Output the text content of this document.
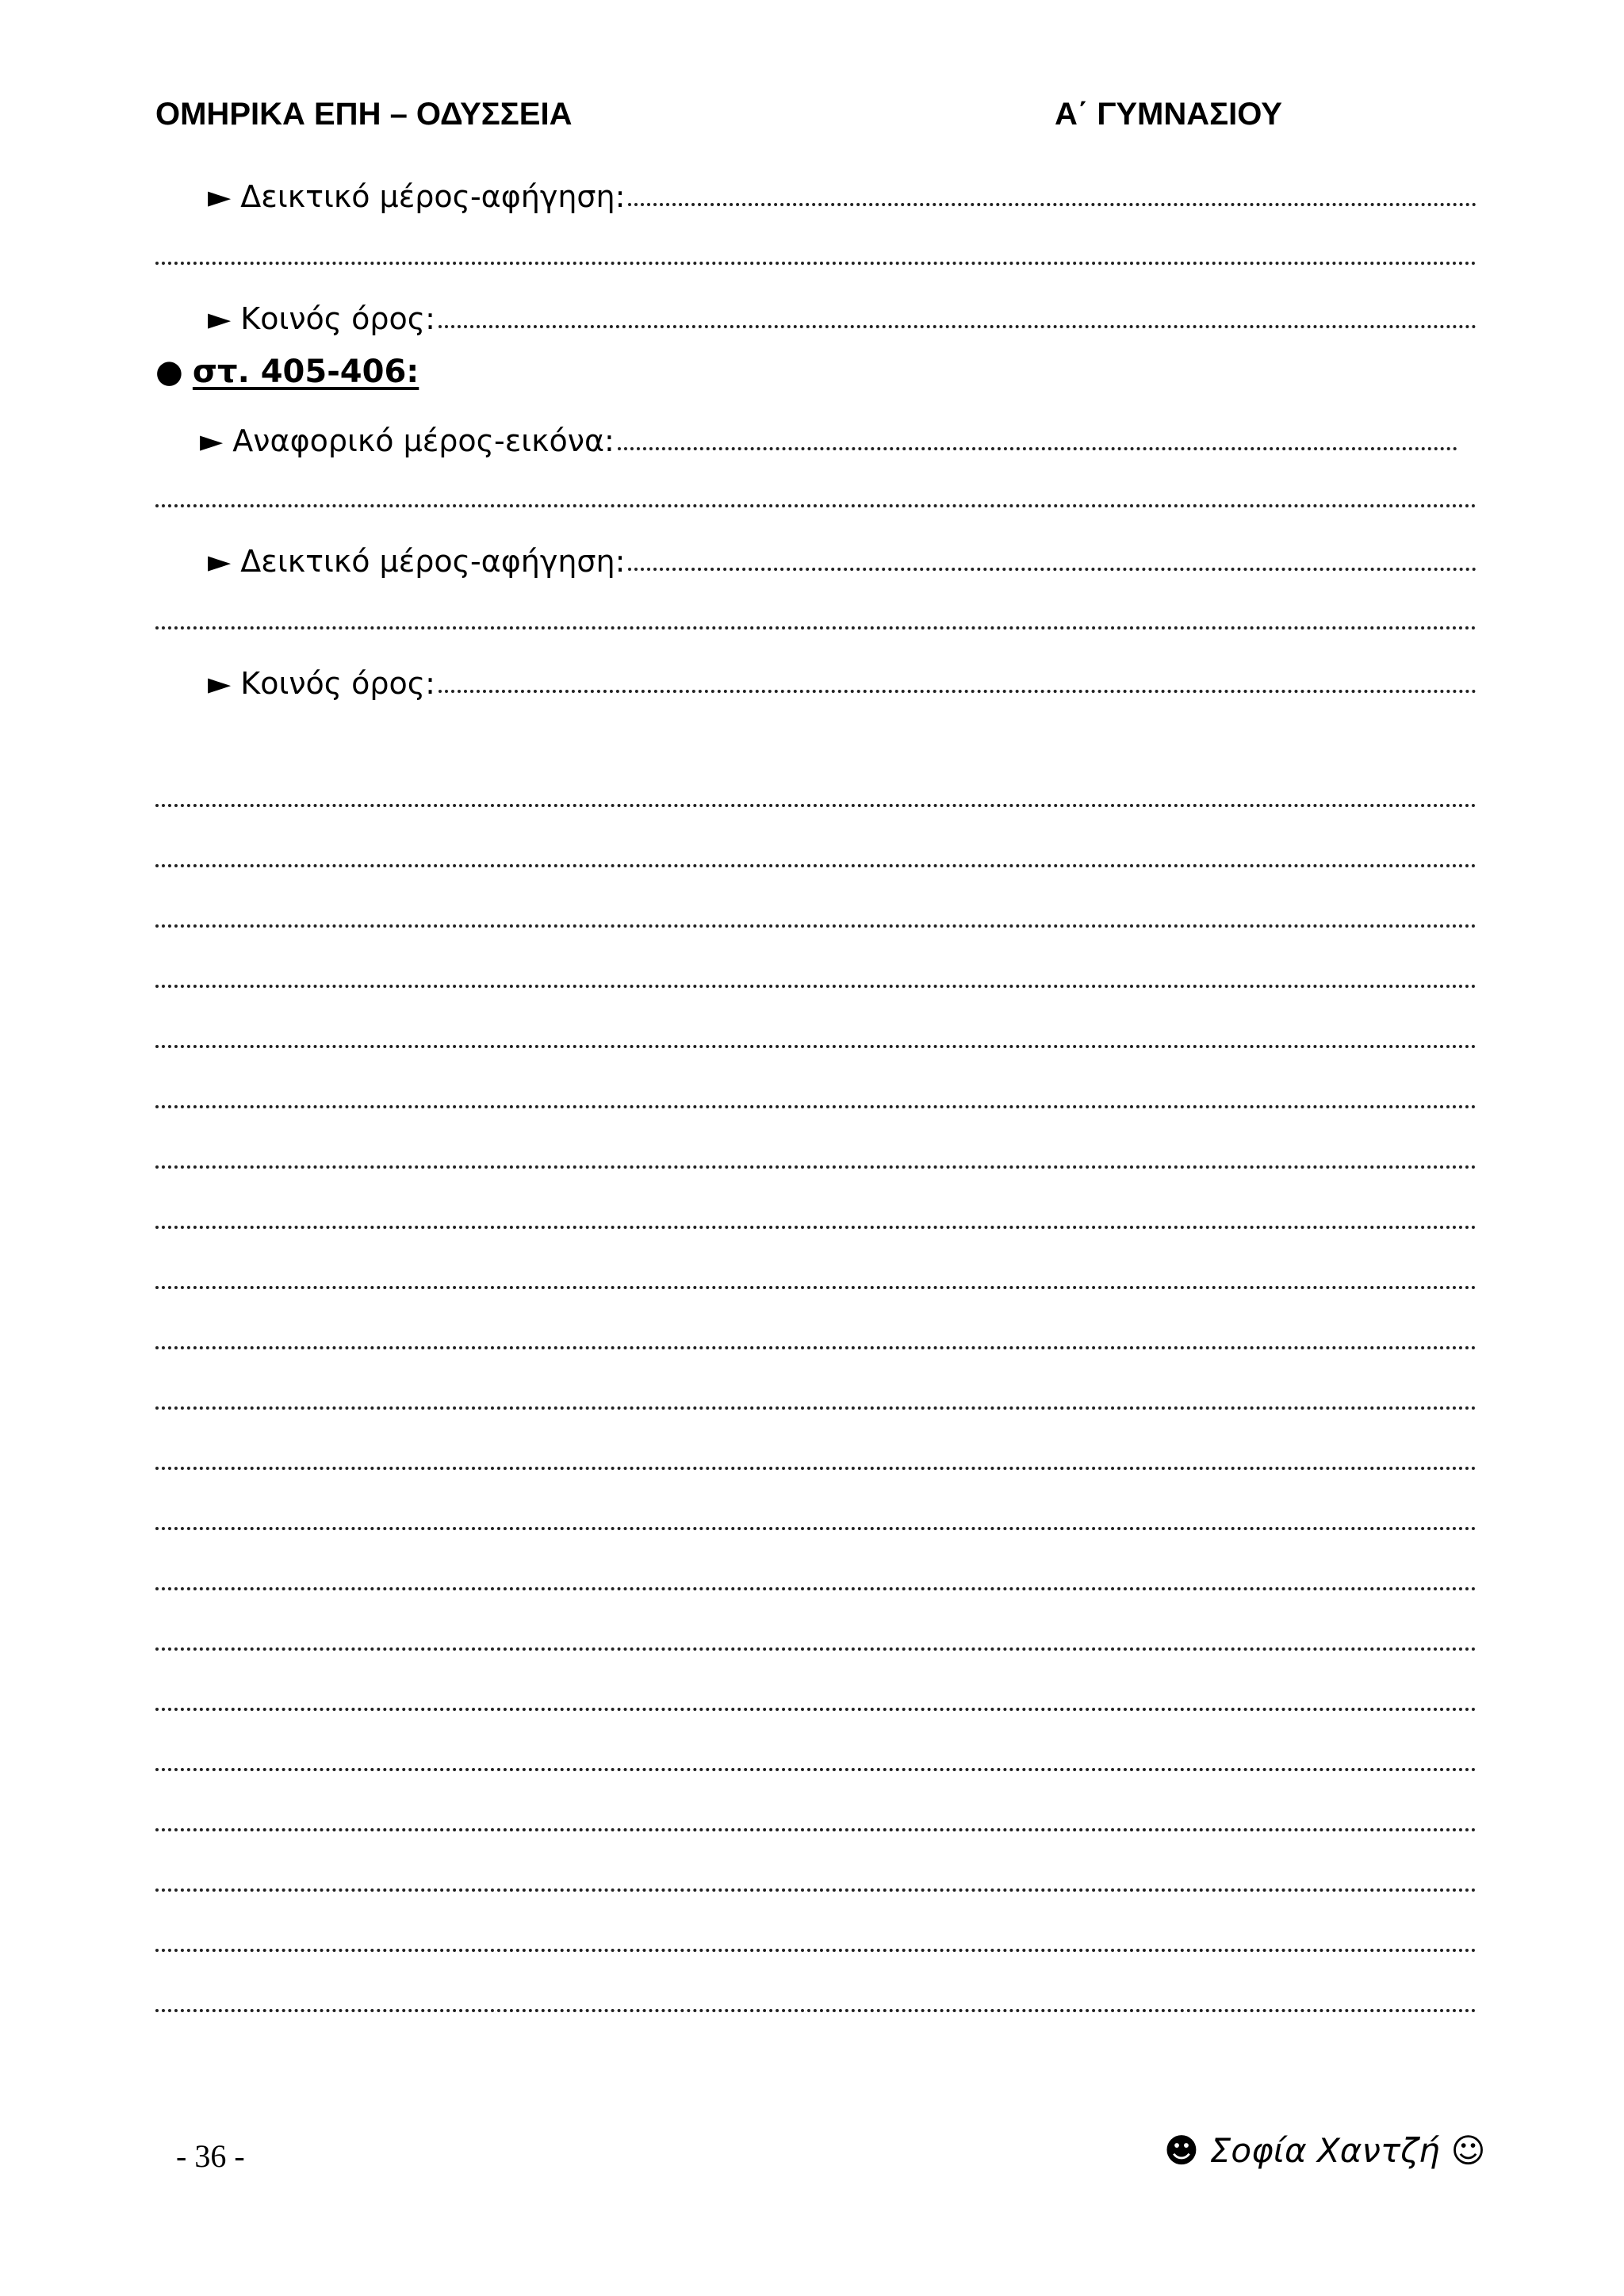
ΟΜΗΡΙΚΑ ΕΠΗ – ΟΔΥΣΣΕΙΑ	Α΄ ΓΥΜΝΑΣΙΟΥ
► Δεικτικό μέρος-αφήγηση:
► Κοινός όρος:
● στ. 405-406:
► Αναφορικό μέρος-εικόνα:
► Δεικτικό μέρος-αφήγηση:
► Κοινός όρος:
- 36 -	☻ Σοφία Χαντζή ☺
